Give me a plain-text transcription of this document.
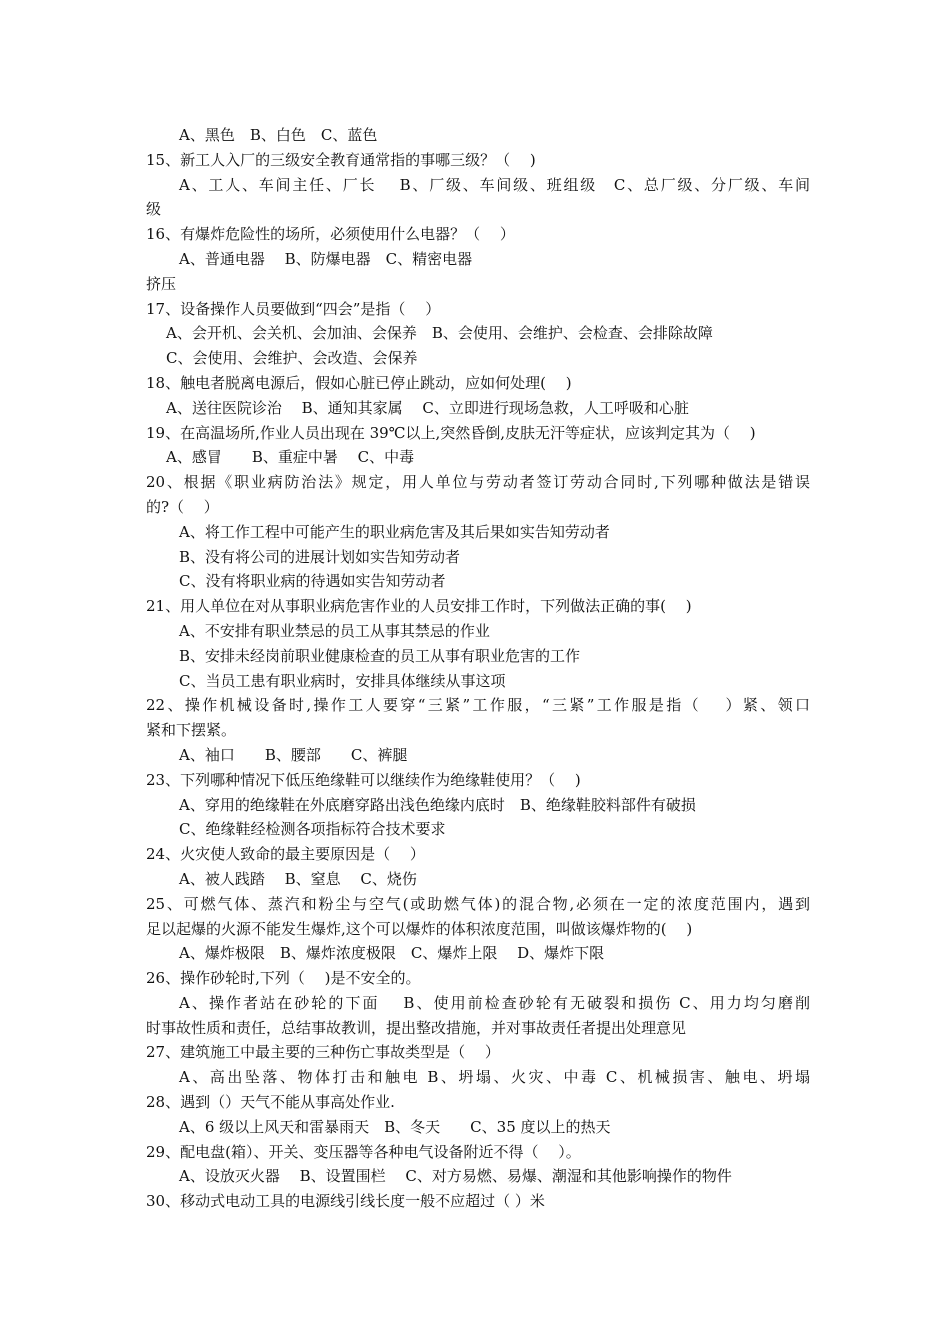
A、黑色　B、白色　C、蓝色
15、新工人入厂的三级安全教育通常指的事哪三级？（　 )
A、工人、车间主任、厂长　 B、厂级、车间级、班组级　C、总厂级、分厂级、车间
级
16、有爆炸危险性的场所，必须使用什么电器？（　 ）
A、普通电器　 B、防爆电器　C、精密电器
挤压
17、设备操作人员要做到“四会”是指（　 ）
A、会开机、会关机、会加油、会保养　B、会使用、会维护、会检查、会排除故障
C、会使用、会维护、会改造、会保养
18、触电者脱离电源后，假如心脏已停止跳动，应如何处理(　 )
A、送往医院诊治　 B、通知其家属　 C、立即进行现场急救，人工呼吸和心脏
19、在高温场所,作业人员出现在 39℃以上,突然昏倒,皮肤无汗等症状，应该判定其为（　 )
A、感冒　　B、重症中暑　 C、中毒
20、根据《职业病防治法》规定，用人单位与劳动者签订劳动合同时,下列哪种做法是错误
的?（　 ）
A、将工作工程中可能产生的职业病危害及其后果如实告知劳动者
B、没有将公司的进展计划如实告知劳动者
C、没有将职业病的待遇如实告知劳动者
21、用人单位在对从事职业病危害作业的人员安排工作时，下列做法正确的事(　 )
A、不安排有职业禁忌的员工从事其禁忌的作业
B、安排未经岗前职业健康检查的员工从事有职业危害的工作
C、当员工患有职业病时，安排具体继续从事这项
22、操作机械设备时,操作工人要穿“三紧”工作服，“三紧”工作服是指（　 ）紧、领口
紧和下摆紧。
A、袖口　　B、腰部　　C、裤腿
23、下列哪种情况下低压绝缘鞋可以继续作为绝缘鞋使用？（　 )
A、穿用的绝缘鞋在外底磨穿路出浅色绝缘内底时　B、绝缘鞋胶料部件有破损
C、绝缘鞋经检测各项指标符合技术要求
24、火灾使人致命的最主要原因是（　 ）
A、被人践踏　 B、窒息　 C、烧伤
25、可燃气体、蒸汽和粉尘与空气(或助燃气体)的混合物,必须在一定的浓度范围内，遇到
足以起爆的火源不能发生爆炸,这个可以爆炸的体积浓度范围，叫做该爆炸物的(　 )
A、爆炸极限　B、爆炸浓度极限　C、爆炸上限　 D、爆炸下限
26、操作砂轮时,下列（　 )是不安全的。
A、操作者站在砂轮的下面　 B、使用前检查砂轮有无破裂和损伤 C、用力均匀磨削
时事故性质和责任，总结事故教训，提出整改措施，并对事故责任者提出处理意见
27、建筑施工中最主要的三种伤亡事故类型是（　 ）
A、高出坠落、物体打击和触电 B、坍塌、火灾、中毒 C、机械损害、触电、坍塌
28、遇到（）天气不能从事高处作业.
A、6 级以上风天和雷暴雨天　B、冬天　　C、35 度以上的热天
29、配电盘(箱）、开关、变压器等各种电气设备附近不得（　 ）。
A、设放灭火器　 B、设置围栏　 C、对方易燃、易爆、潮湿和其他影响操作的物件
30、移动式电动工具的电源线引线长度一般不应超过（ ）米
